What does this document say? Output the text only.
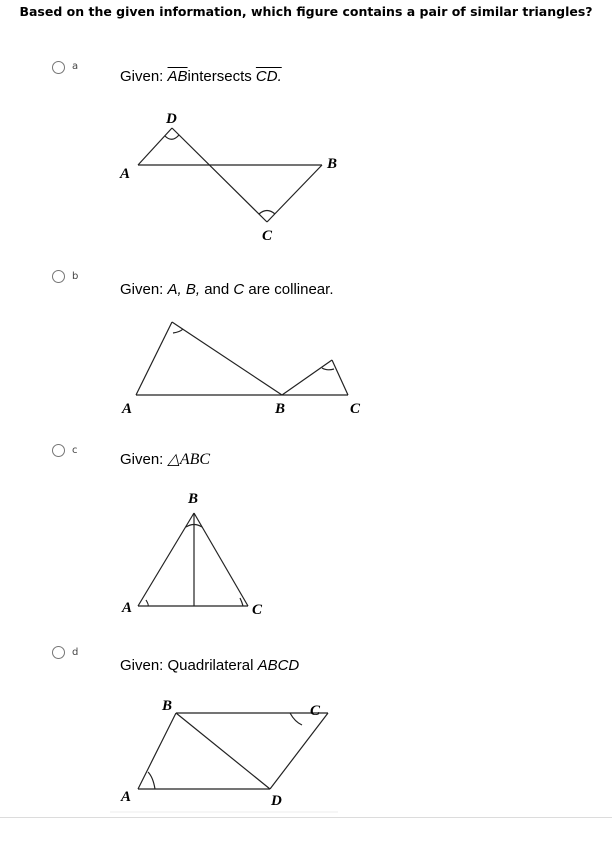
Based on the given information, which figure contains a pair of similar triangles?
a
Given: $\overline{AB}intersects$ CD.
D
A
B
C
b
Given: A, B, and C are collinear.
A	B	C
c
Given: △ABC
B
A	C
d
Given: Quadrilateral ABCD
B	C
A	D
